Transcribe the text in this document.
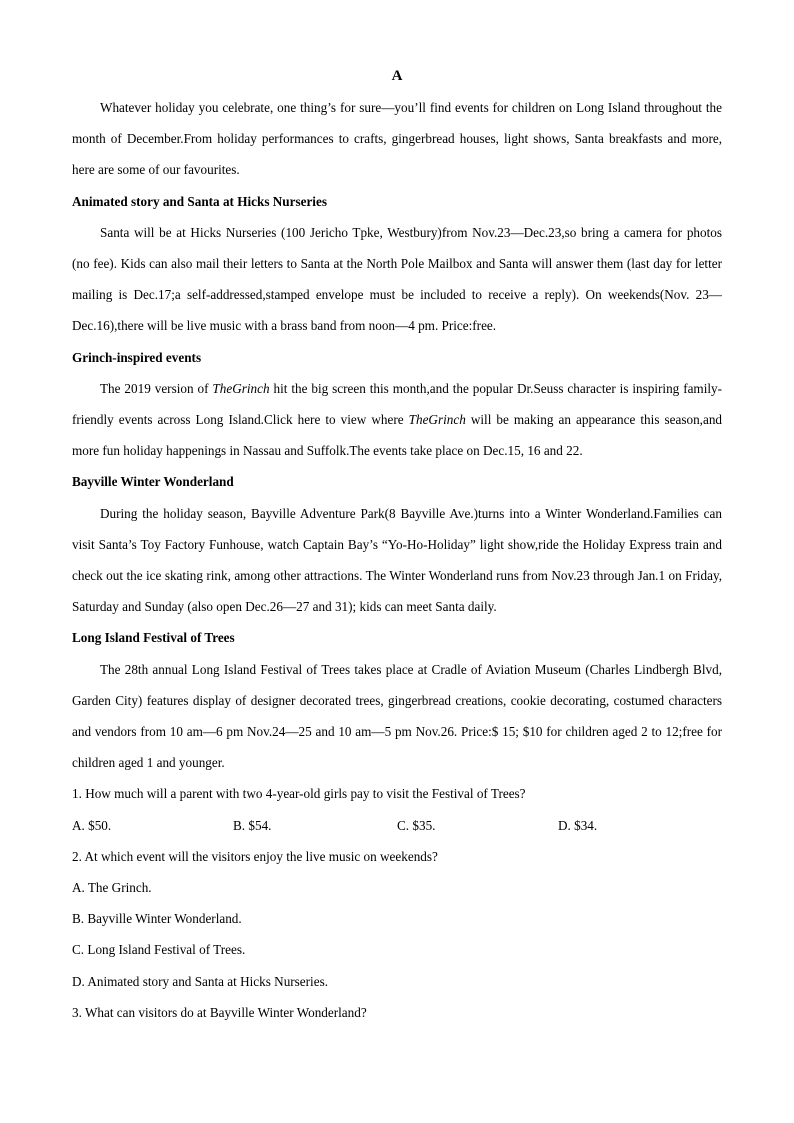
A

Whatever holiday you celebrate, one thing’s for sure—you’ll find events for children on Long Island throughout the month of December.From holiday performances to crafts, gingerbread houses, light shows, Santa breakfasts and more, here are some of our favourites.

Animated story and Santa at Hicks Nurseries

Santa will be at Hicks Nurseries (100 Jericho Tpke, Westbury)from Nov.23—Dec.23,so bring a camera for photos (no fee). Kids can also mail their letters to Santa at the North Pole Mailbox and Santa will answer them (last day for letter mailing is Dec.17;a self-addressed,stamped envelope must be included to receive a reply). On weekends(Nov. 23—Dec.16),there will be live music with a brass band from noon—4 pm. Price:free.

Grinch-inspired events

The 2019 version of TheGrinch hit the big screen this month,and the popular Dr.Seuss character is inspiring family-friendly events across Long Island.Click here to view where TheGrinch will be making an appearance this season,and more fun holiday happenings in Nassau and Suffolk.The events take place on Dec.15, 16 and 22.

Bayville Winter Wonderland

During the holiday season, Bayville Adventure Park(8 Bayville Ave.)turns into a Winter Wonderland.Families can visit Santa’s Toy Factory Funhouse, watch Captain Bay’s “Yo-Ho-Holiday” light show,ride the Holiday Express train and check out the ice skating rink, among other attractions. The Winter Wonderland runs from Nov.23 through Jan.1 on Friday, Saturday and Sunday (also open Dec.26—27 and 31); kids can meet Santa daily.

Long Island Festival of Trees

The 28th annual Long Island Festival of Trees takes place at Cradle of Aviation Museum (Charles Lindbergh Blvd, Garden City) features display of designer decorated trees, gingerbread creations, cookie decorating, costumed characters and vendors from 10 am—6 pm Nov.24—25 and 10 am—5 pm Nov.26. Price:$ 15; $10 for children aged 2 to 12;free for children aged 1 and younger.

1. How much will a parent with two 4-year-old girls pay to visit the Festival of Trees?

A. $50.	B. $54.	C. $35.	D. $34.

2. At which event will the visitors enjoy the live music on weekends?

A. The Grinch.

B. Bayville Winter Wonderland.

C. Long Island Festival of Trees.

D. Animated story and Santa at Hicks Nurseries.

3. What can visitors do at Bayville Winter Wonderland?
